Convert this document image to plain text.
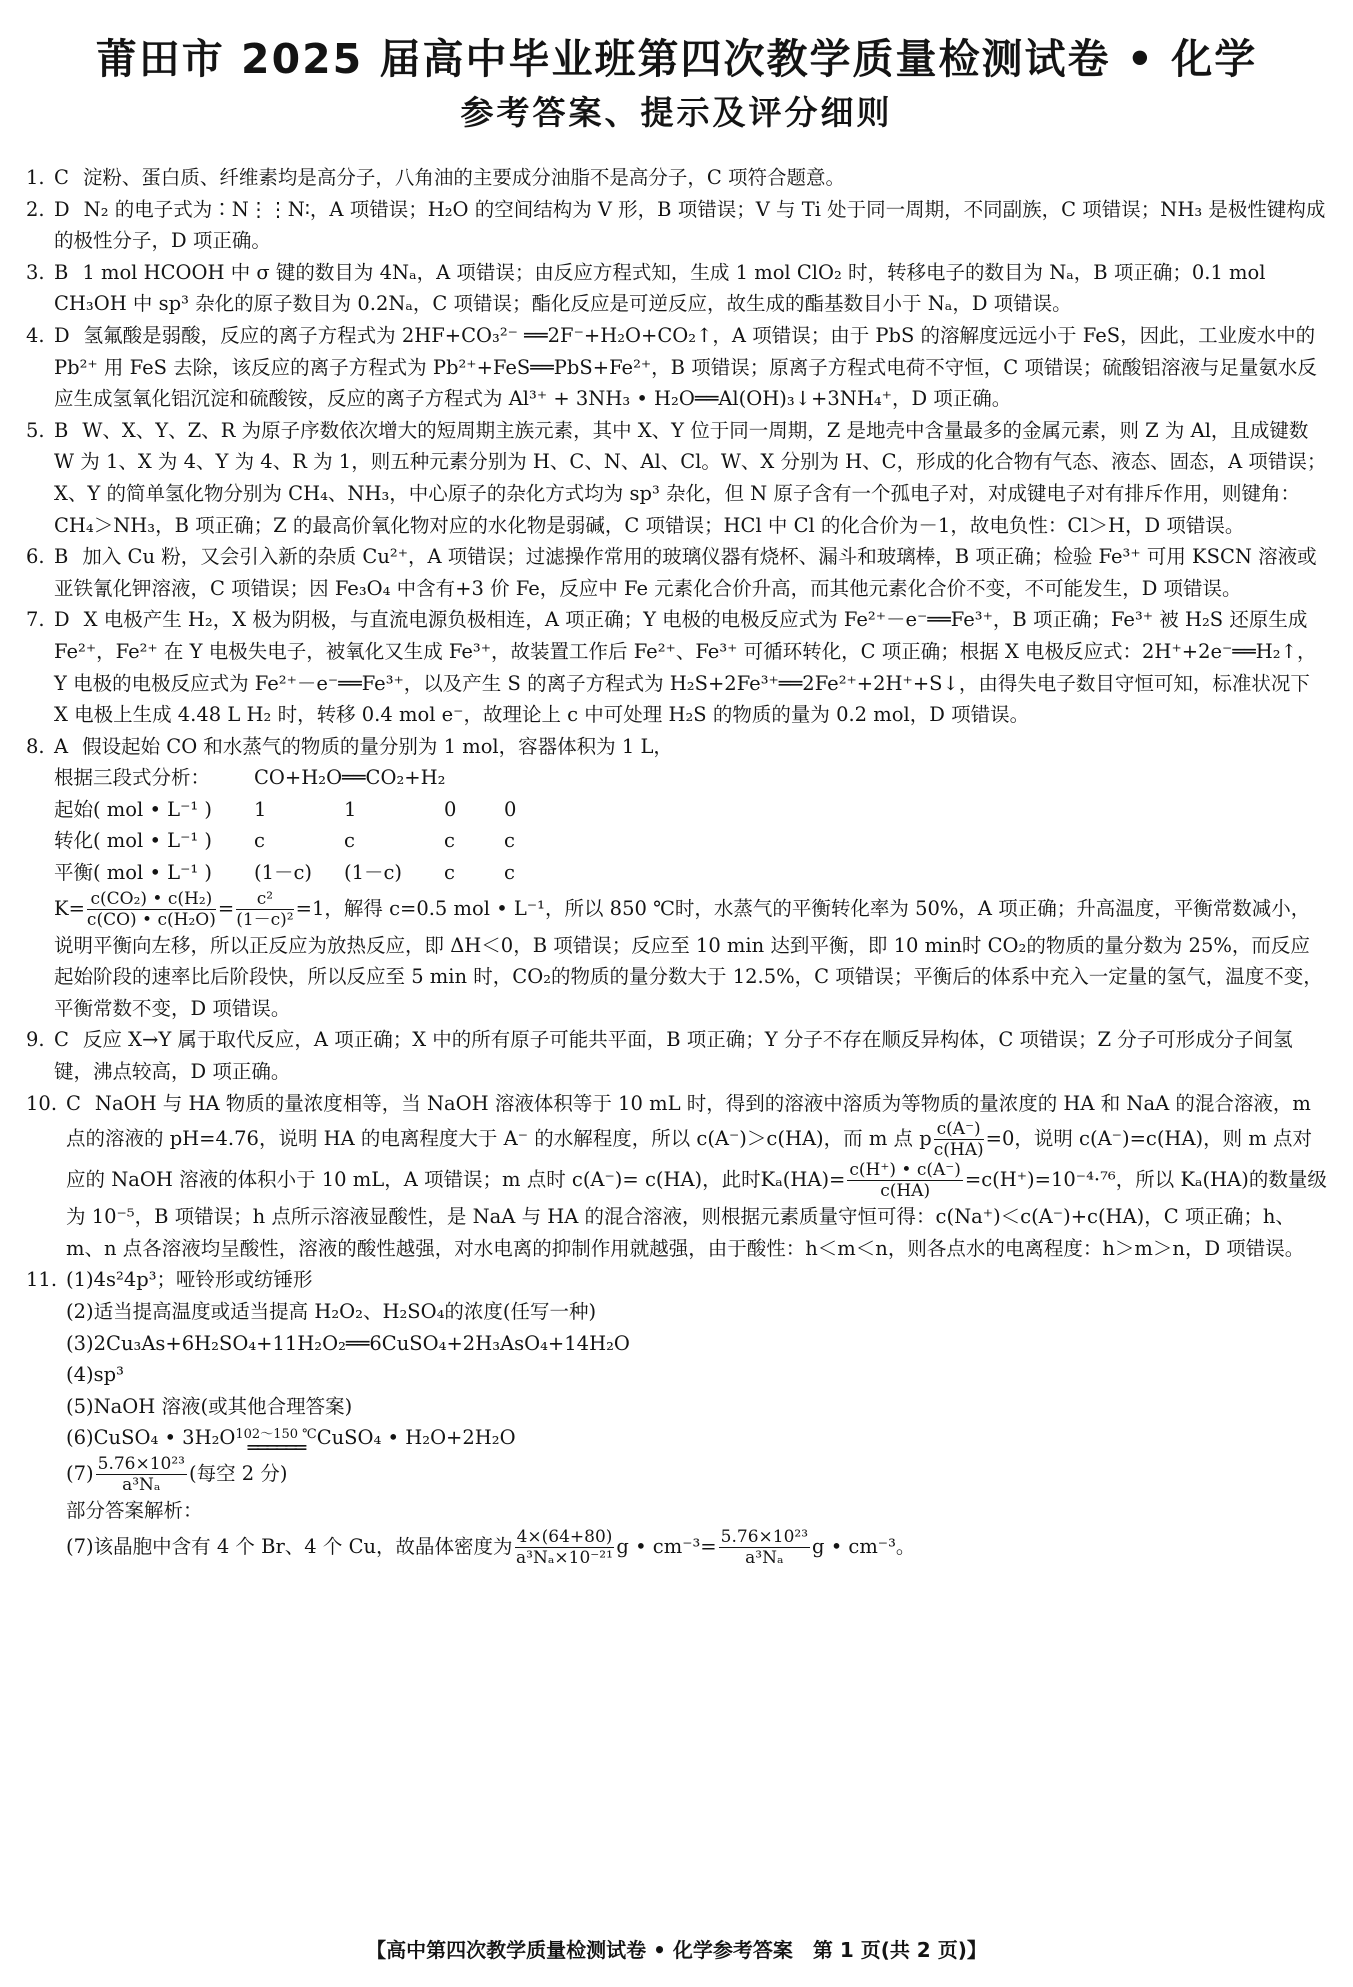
莆田市 2025 届高中毕业班第四次教学质量检测试卷 • 化学
参考答案、提示及评分细则

1. C 淀粉、蛋白质、纤维素均是高分子，八角油的主要成分油脂不是高分子，C 项符合题意。

2. D N₂ 的电子式为∶N⋮⋮N∶，A 项错误；H₂O 的空间结构为 V 形，B 项错误；V 与 Ti 处于同一周期，不同副族，C 项错误；NH₃ 是极性键构成的极性分子，D 项正确。

3. B 1 mol HCOOH 中 σ 键的数目为 4Nₐ，A 项错误；由反应方程式知，生成 1 mol ClO₂ 时，转移电子的数目为 Nₐ，B 项正确；0.1 mol CH₃OH 中 sp³ 杂化的原子数目为 0.2Nₐ，C 项错误；酯化反应是可逆反应，故生成的酯基数目小于 Nₐ，D 项错误。

4. D 氢氟酸是弱酸，反应的离子方程式为 2HF+CO₃²⁻ ══2F⁻+H₂O+CO₂↑，A 项错误；由于 PbS 的溶解度远远小于 FeS，因此，工业废水中的 Pb²⁺ 用 FeS 去除，该反应的离子方程式为 Pb²⁺+FeS══PbS+Fe²⁺，B 项错误；原离子方程式电荷不守恒，C 项错误；硫酸铝溶液与足量氨水反应生成氢氧化铝沉淀和硫酸铵，反应的离子方程式为 Al³⁺ + 3NH₃ • H₂O══Al(OH)₃↓+3NH₄⁺，D 项正确。

5. B W、X、Y、Z、R 为原子序数依次增大的短周期主族元素，其中 X、Y 位于同一周期，Z 是地壳中含量最多的金属元素，则 Z 为 Al，且成键数 W 为 1、X 为 4、Y 为 4、R 为 1，则五种元素分别为 H、C、N、Al、Cl。W、X 分别为 H、C，形成的化合物有气态、液态、固态，A 项错误；X、Y 的简单氢化物分别为 CH₄、NH₃，中心原子的杂化方式均为 sp³ 杂化，但 N 原子含有一个孤电子对，对成键电子对有排斥作用，则键角：CH₄＞NH₃，B 项正确；Z 的最高价氧化物对应的水化物是弱碱，C 项错误；HCl 中 Cl 的化合价为－1，故电负性：Cl＞H，D 项错误。

6. B 加入 Cu 粉，又会引入新的杂质 Cu²⁺，A 项错误；过滤操作常用的玻璃仪器有烧杯、漏斗和玻璃棒，B 项正确；检验 Fe³⁺ 可用 KSCN 溶液或亚铁氰化钾溶液，C 项错误；因 Fe₃O₄ 中含有+3 价 Fe，反应中 Fe 元素化合价升高，而其他元素化合价不变，不可能发生，D 项错误。

7. D X 电极产生 H₂，X 极为阴极，与直流电源负极相连，A 项正确；Y 电极的电极反应式为 Fe²⁺－e⁻══Fe³⁺，B 项正确；Fe³⁺ 被 H₂S 还原生成 Fe²⁺，Fe²⁺ 在 Y 电极失电子，被氧化又生成 Fe³⁺，故装置工作后 Fe²⁺、Fe³⁺ 可循环转化，C 项正确；根据 X 电极反应式：2H⁺+2e⁻══H₂↑，Y 电极的电极反应式为 Fe²⁺－e⁻══Fe³⁺，以及产生 S 的离子方程式为 H₂S+2Fe³⁺══2Fe²⁺+2H⁺+S↓，由得失电子数目守恒可知，标准状况下 X 电极上生成 4.48 L H₂ 时，转移 0.4 mol e⁻，故理论上 c 中可处理 H₂S 的物质的量为 0.2 mol，D 项错误。

8. A 假设起始 CO 和水蒸气的物质的量分别为 1 mol，容器体积为 1 L，
根据三段式分析：	CO+H₂O══CO₂+H₂			
起始( mol • L⁻¹ )	1	1	0	0
转化( mol • L⁻¹ )	c	c	c	c
平衡( mol • L⁻¹ )	(1－c)	(1－c)	c	c

$K= \frac{\text{c(CO₂) • c(H₂)}}{\text{c(CO) • c(H₂O)}} = \frac{\text{c²}}{\text{(1－c)²}} =1$，解得 c=0.5 mol • L⁻¹，所以 850 ℃时，水蒸气的平衡转化率为 50%，A 项正确；升高温度，平衡常数减小，说明平衡向左移，所以正反应为放热反应，即 ΔH＜0，B 项错误；反应至 10 min 达到平衡，即 10 min时 CO₂的物质的量分数为 25%，而反应起始阶段的速率比后阶段快，所以反应至 5 min 时，CO₂的物质的量分数大于 12.5%，C 项错误；平衡后的体系中充入一定量的氢气，温度不变，平衡常数不变，D 项错误。

9. C 反应 X→Y 属于取代反应，A 项正确；X 中的所有原子可能共平面，B 项正确；Y 分子不存在顺反异构体，C 项错误；Z 分子可形成分子间氢键，沸点较高，D 项正确。

10. C NaOH 与 HA 物质的量浓度相等，当 NaOH 溶液体积等于 10 mL 时，得到的溶液中溶质为等物质的量浓度的 HA 和 NaA 的混合溶液，m 点的溶液的 pH=4.76，说明 HA 的电离程度大于 A⁻ 的水解程度，所以 c(A⁻)＞c(HA)，而 m 点 p $\frac{c(A^-)}{c(HA)} =0$，说明 c(A⁻)=c(HA)，则 m 点对应的 NaOH 溶液的体积小于 10 mL，A 项错误；m 点时 c(A⁻)= c(HA)，此时$K_a(HA)= \frac{c(H^+) • c(A^-)}{c(HA)} =c(H^+)=10^{-4}\cdot^{76}$，所以 Kₐ(HA)的数量级为 10⁻⁵，B 项错误；h 点所示溶液显酸性，是 NaA 与 HA 的混合溶液，则根据元素质量守恒可得：c(Na⁺)＜c(A⁻)+c(HA)，C 项正确；h、m、n 点各溶液均呈酸性，溶液的酸性越强，对水电离的抑制作用就越强，由于酸性：h＜m＜n，则各点水的电离程度：h＞m＞n，D 项错误。

11. (1)4s²4p³；哑铃形或纺锤形

(2)适当提高温度或适当提高 H₂O₂、H₂SO₄的浓度(任写一种)

(3)2Cu₃As+6H₂SO₄+11H₂O₂══6CuSO₄+2H₃AsO₄+14H₂O

(4)sp³

(5)NaOH 溶液(或其他合理答案)

(6)CuSO₄ • 3H₂O 102～150 ℃
══════ CuSO₄ • H₂O+2H₂O

$(7) \frac{\text{5.76×10²³}}{\text{a³Nₐ}}$ (每空 2 分)

部分答案解析：

(7)该晶胞中含有 4 个 Br、4 个 Cu，故晶体密度为 $\frac{4\times(64+80)}{\text{a³Nₐ×10⁻²¹}}$ g • $cm^{-3}= \frac{\text{5.76×10²³}}{\text{a³Nₐ}}$ g • cm⁻³。

【高中第四次教学质量检测试卷 • 化学参考答案　第 1 页(共 2 页)】
